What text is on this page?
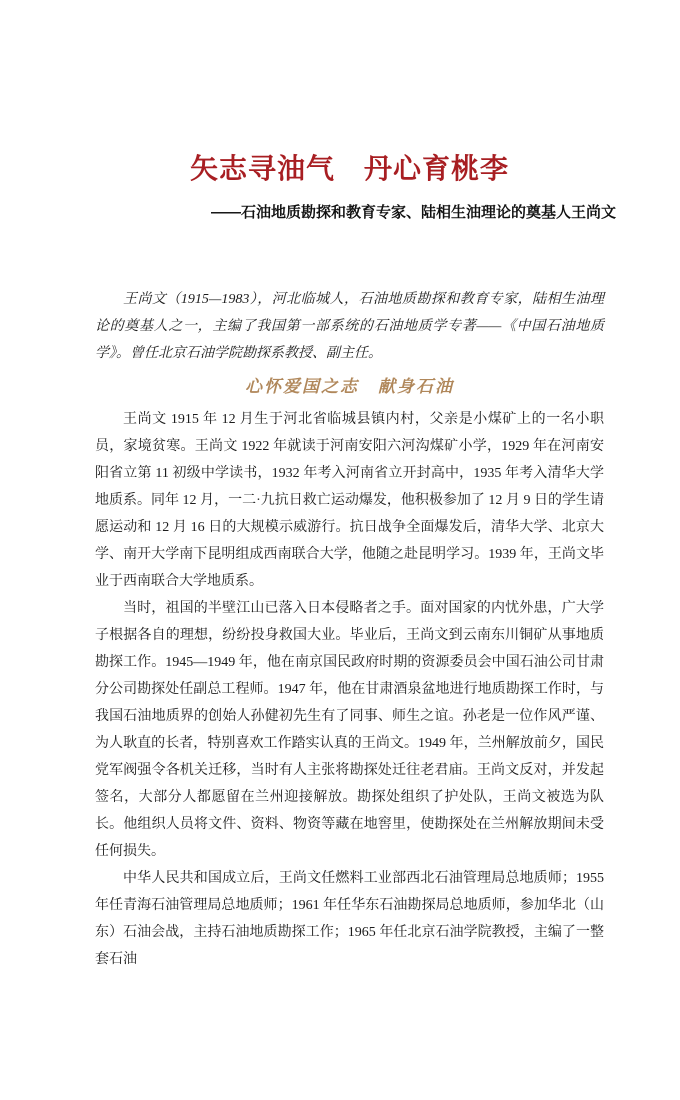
矢志寻油气　丹心育桃李
——石油地质勘探和教育专家、陆相生油理论的奠基人王尚文

王尚文（1915—1983），河北临城人，石油地质勘探和教育专家，陆相生油理论的奠基人之一，主编了我国第一部系统的石油地质学专著——《中国石油地质学》。曾任北京石油学院勘探系教授、副主任。

心怀爱国之志　献身石油

王尚文 1915 年 12 月生于河北省临城县镇内村，父亲是小煤矿上的一名小职员，家境贫寒。王尚文 1922 年就读于河南安阳六河沟煤矿小学，1929 年在河南安阳省立第 11 初级中学读书，1932 年考入河南省立开封高中，1935 年考入清华大学地质系。同年 12 月，一二·九抗日救亡运动爆发，他积极参加了 12 月 9 日的学生请愿运动和 12 月 16 日的大规模示威游行。抗日战争全面爆发后，清华大学、北京大学、南开大学南下昆明组成西南联合大学，他随之赴昆明学习。1939 年，王尚文毕业于西南联合大学地质系。

当时，祖国的半壁江山已落入日本侵略者之手。面对国家的内忧外患，广大学子根据各自的理想，纷纷投身救国大业。毕业后，王尚文到云南东川铜矿从事地质勘探工作。1945—1949 年，他在南京国民政府时期的资源委员会中国石油公司甘肃分公司勘探处任副总工程师。1947 年，他在甘肃酒泉盆地进行地质勘探工作时，与我国石油地质界的创始人孙健初先生有了同事、师生之谊。孙老是一位作风严谨、为人耿直的长者，特别喜欢工作踏实认真的王尚文。1949 年，兰州解放前夕，国民党军阀强令各机关迁移，当时有人主张将勘探处迁往老君庙。王尚文反对，并发起签名，大部分人都愿留在兰州迎接解放。勘探处组织了护处队，王尚文被选为队长。他组织人员将文件、资料、物资等藏在地窖里，使勘探处在兰州解放期间未受任何损失。

中华人民共和国成立后，王尚文任燃料工业部西北石油管理局总地质师；1955 年任青海石油管理局总地质师；1961 年任华东石油勘探局总地质师，参加华北（山东）石油会战，主持石油地质勘探工作；1965 年任北京石油学院教授，主编了一整套石油
